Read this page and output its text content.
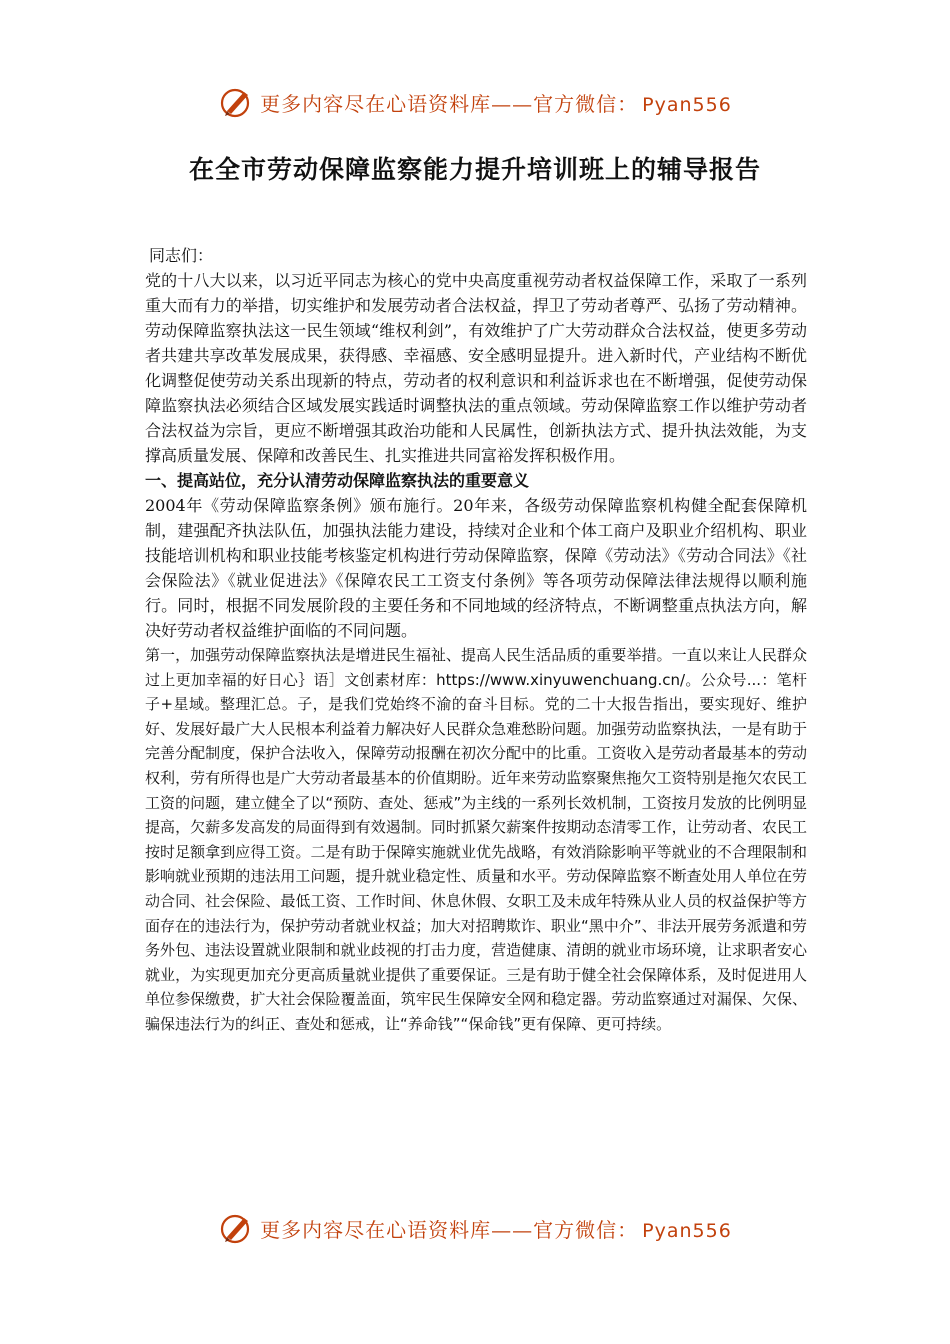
更多内容尽在心语资料库——官方微信： Pyan556
在全市劳动保障监察能力提升培训班上的辅导报告

同志们：

党的十八大以来，以习近平同志为核心的党中央高度重视劳动者权益保障工作，采取了一系列重大而有力的举措，切实维护和发展劳动者合法权益，捍卫了劳动者尊严、弘扬了劳动精神。劳动保障监察执法这一民生领域“维权利剑”，有效维护了广大劳动群众合法权益，使更多劳动者共建共享改革发展成果，获得感、幸福感、安全感明显提升。进入新时代，产业结构不断优化调整促使劳动关系出现新的特点，劳动者的权利意识和利益诉求也在不断增强，促使劳动保障监察执法必须结合区域发展实践适时调整执法的重点领域。劳动保障监察工作以维护劳动者合法权益为宗旨，更应不断增强其政治功能和人民属性，创新执法方式、提升执法效能，为支撑高质量发展、保障和改善民生、扎实推进共同富裕发挥积极作用。

一、提高站位，充分认清劳动保障监察执法的重要意义

2004年《劳动保障监察条例》颁布施行。20年来，各级劳动保障监察机构健全配套保障机制，建强配齐执法队伍，加强执法能力建设，持续对企业和个体工商户及职业介绍机构、职业技能培训机构和职业技能考核鉴定机构进行劳动保障监察，保障《劳动法》《劳动合同法》《社会保险法》《就业促进法》《保障农民工工资支付条例》等各项劳动保障法律法规得以顺利施行。同时，根据不同发展阶段的主要任务和不同地域的经济特点，不断调整重点执法方向，解决好劳动者权益维护面临的不同问题。

第一，加强劳动保障监察执法是增进民生福祉、提高人民生活品质的重要举措。一直以来让人民群众过上更加幸福的好日心｝语］文创素材库：https://www.xinyuwenchuang.cn/。公众号...：笔杆子+星域。整理汇总。子，是我们党始终不渝的奋斗目标。党的二十大报告指出，要实现好、维护好、发展好最广大人民根本利益着力解决好人民群众急难愁盼问题。加强劳动监察执法，一是有助于完善分配制度，保护合法收入，保障劳动报酬在初次分配中的比重。工资收入是劳动者最基本的劳动权利，劳有所得也是广大劳动者最基本的价值期盼。近年来劳动监察聚焦拖欠工资特别是拖欠农民工工资的问题，建立健全了以“预防、查处、惩戒”为主线的一系列长效机制，工资按月发放的比例明显提高，欠薪多发高发的局面得到有效遏制。同时抓紧欠薪案件按期动态清零工作，让劳动者、农民工按时足额拿到应得工资。二是有助于保障实施就业优先战略，有效消除影响平等就业的不合理限制和影响就业预期的违法用工问题，提升就业稳定性、质量和水平。劳动保障监察不断查处用人单位在劳动合同、社会保险、最低工资、工作时间、休息休假、女职工及未成年特殊从业人员的权益保护等方面存在的违法行为，保护劳动者就业权益；加大对招聘欺诈、职业“黑中介”、非法开展劳务派遣和劳务外包、违法设置就业限制和就业歧视的打击力度，营造健康、清朗的就业市场环境，让求职者安心就业，为实现更加充分更高质量就业提供了重要保证。三是有助于健全社会保障体系，及时促进用人单位参保缴费，扩大社会保险覆盖面，筑牢民生保障安全网和稳定器。劳动监察通过对漏保、欠保、骗保违法行为的纠正、查处和惩戒，让“养命钱”“保命钱”更有保障、更可持续。

更多内容尽在心语资料库——官方微信： Pyan556
